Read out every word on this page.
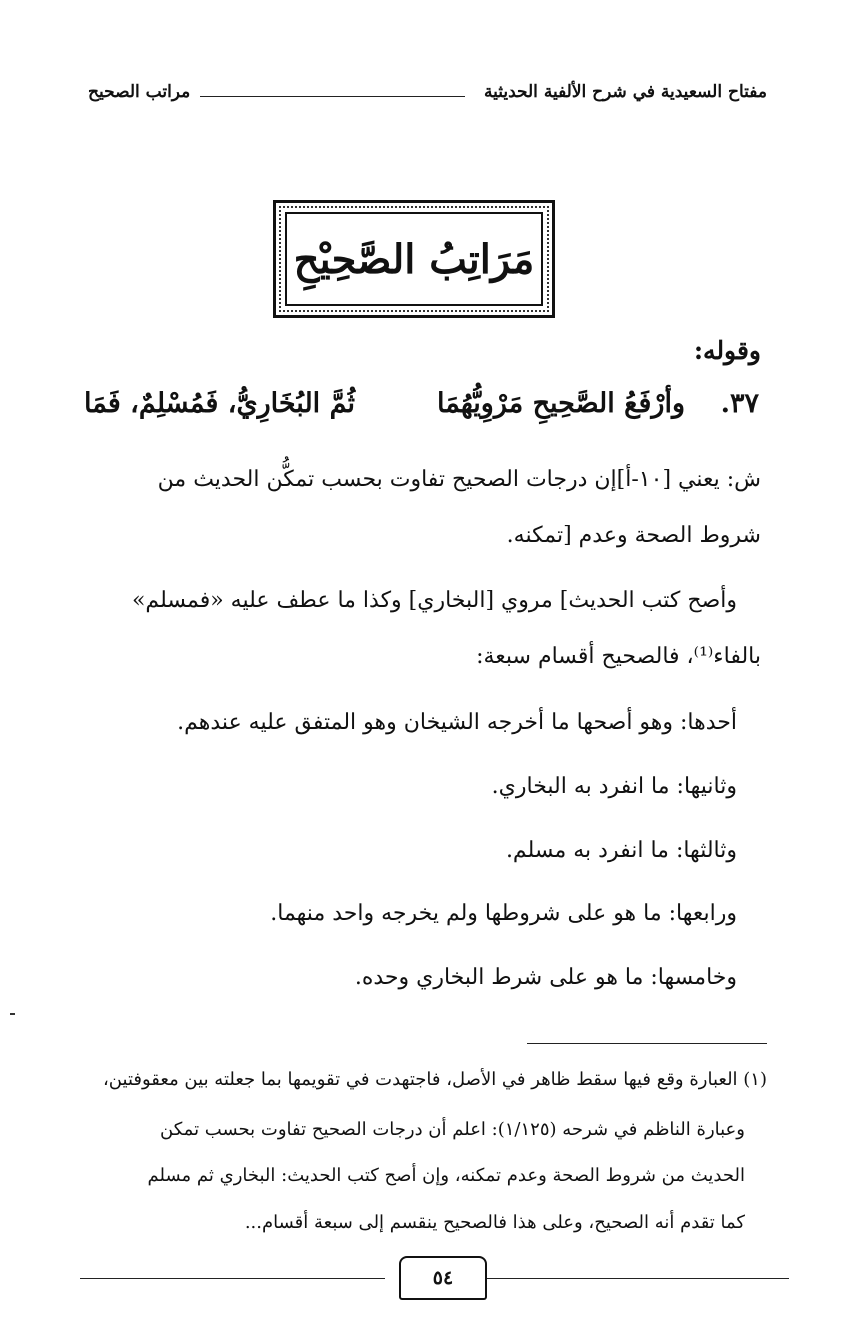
مفتاح السعيدية في شرح الألفية الحديثية
مراتب الصحيح
مَرَاتِبُ الصَّحِيْحِ
وقوله:
٣٧.
وأرْفَعُ الصَّحِيحِ مَرْوِيُّهُمَا
ثُمَّ البُخَارِيُّ، فَمُسْلِمٌ، فَمَا
ش: يعني [١٠-أ]إن درجات الصحيح تفاوت بحسب تمكُّن الحديث من
شروط الصحة وعدم [تمكنه.
وأصح كتب الحديث] مروي [البخاري] وكذا ما عطف عليه «فمسلم»
بالفاء⁽¹⁾، فالصحيح أقسام سبعة:
أحدها: وهو أصحها ما أخرجه الشيخان وهو المتفق عليه عندهم.
وثانيها: ما انفرد به البخاري.
وثالثها: ما انفرد به مسلم.
ورابعها: ما هو على شروطها ولم يخرجه واحد منهما.
وخامسها: ما هو على شرط البخاري وحده.
(١) العبارة وقع فيها سقط ظاهر في الأصل، فاجتهدت في تقويمها بما جعلته بين معقوفتين،
وعبارة الناظم في شرحه (١/١٢٥): اعلم أن درجات الصحيح تفاوت بحسب تمكن
الحديث من شروط الصحة وعدم تمكنه، وإن أصح كتب الحديث: البخاري ثم مسلم
كما تقدم أنه الصحيح، وعلى هذا فالصحيح ينقسم إلى سبعة أقسام...
٥٤
